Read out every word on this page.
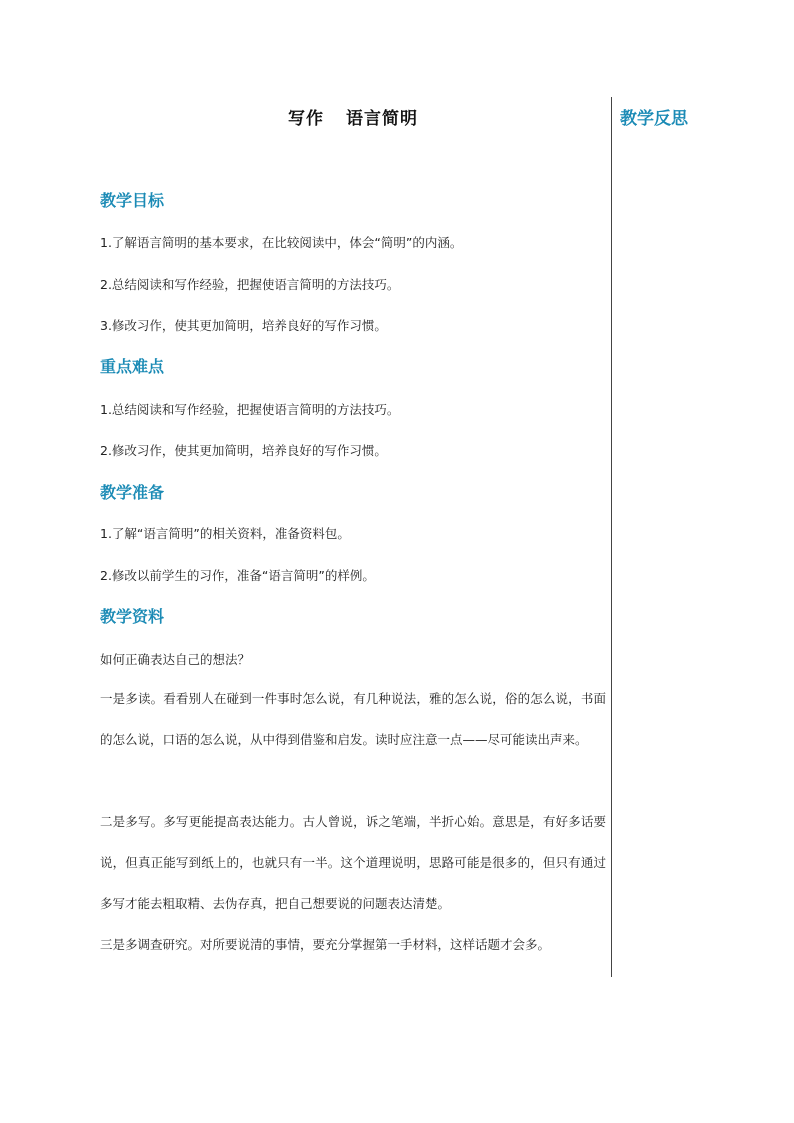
写作 语言简明	教学反思
教学目标
1.了解语言简明的基本要求，在比较阅读中，体会“简明”的内涵。
2.总结阅读和写作经验，把握使语言简明的方法技巧。
3.修改习作，使其更加简明，培养良好的写作习惯。
重点难点
1.总结阅读和写作经验，把握使语言简明的方法技巧。
2.修改习作，使其更加简明，培养良好的写作习惯。
教学准备
1.了解“语言简明”的相关资料，准备资料包。
2.修改以前学生的习作，准备“语言简明”的样例。
教学资料
如何正确表达自己的想法？
一是多读。看看别人在碰到一件事时怎么说，有几种说法，雅的怎么说，俗的怎么说，书面的怎么说，口语的怎么说，从中得到借鉴和启发。读时应注意一点——尽可能读出声来。
二是多写。多写更能提高表达能力。古人曾说，诉之笔端，半折心始。意思是，有好多话要说，但真正能写到纸上的，也就只有一半。这个道理说明，思路可能是很多的，但只有通过多写才能去粗取精、去伪存真，把自己想要说的问题表达清楚。
三是多调查研究。对所要说清的事情，要充分掌握第一手材料，这样话题才会多。
